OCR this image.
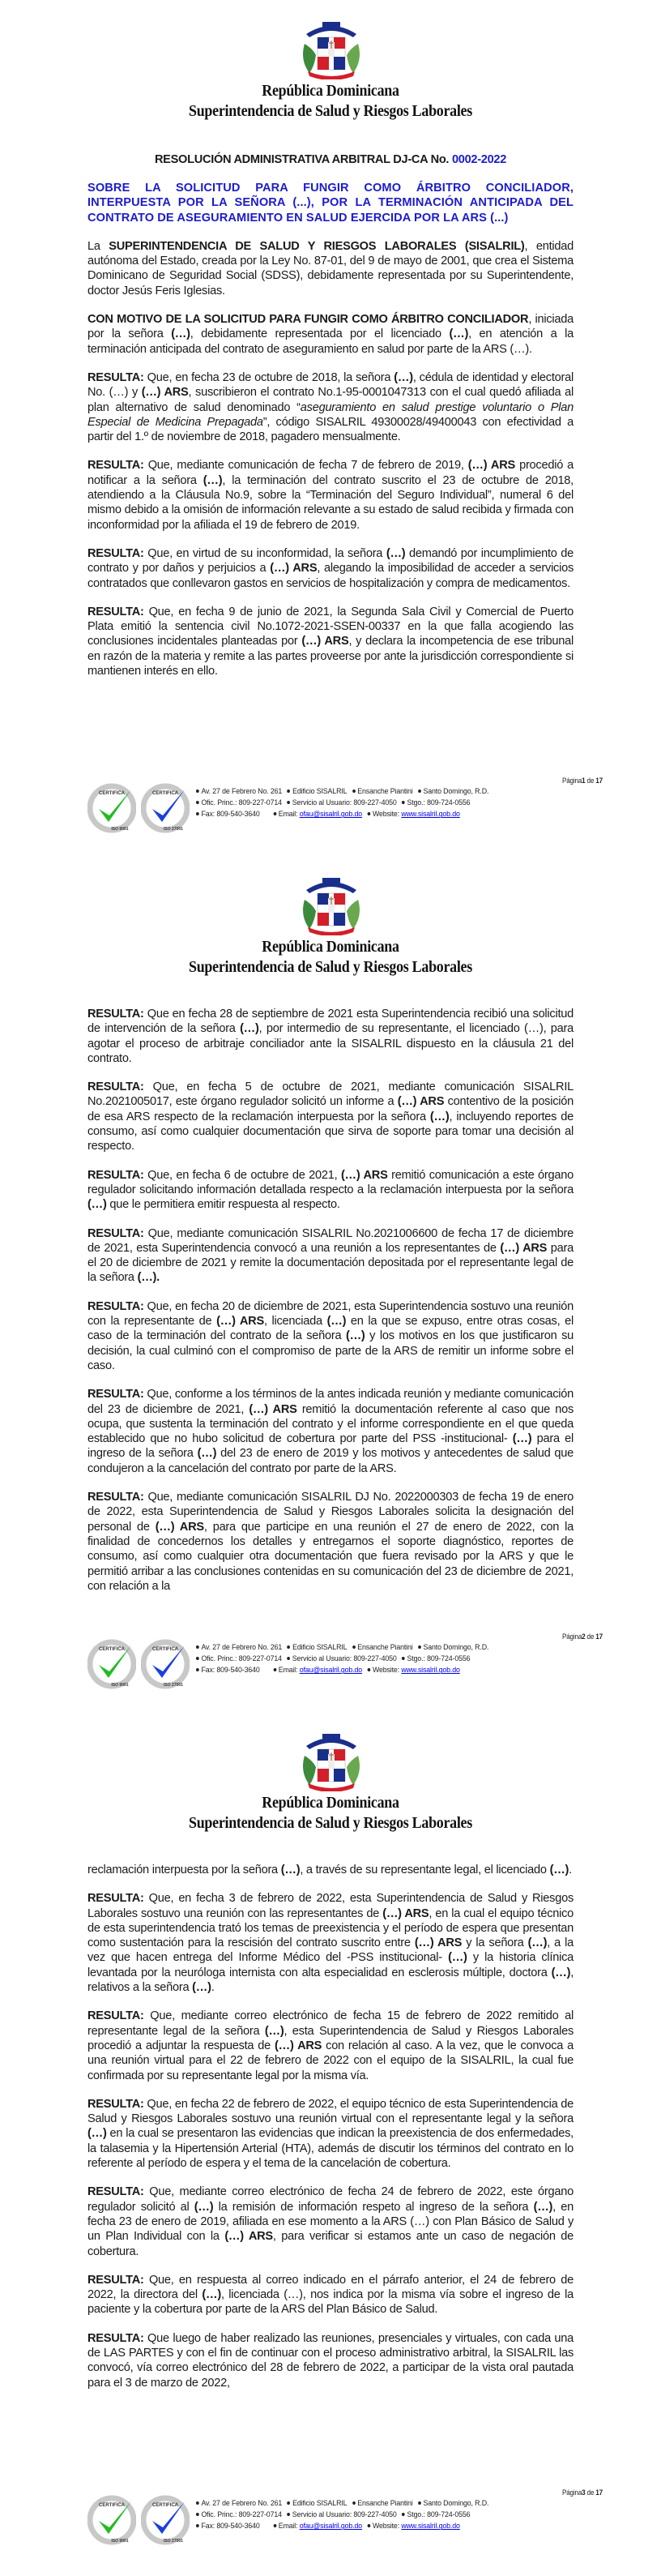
República Dominicana
Superintendencia de Salud y Riesgos Laborales

RESOLUCIÓN ADMINISTRATIVA ARBITRAL DJ-CA No. 0002-2022

SOBRE LA SOLICITUD PARA FUNGIR COMO ÁRBITRO CONCILIADOR, INTERPUESTA POR LA SEÑORA (...), POR LA TERMINACIÓN ANTICIPADA DEL CONTRATO DE ASEGURAMIENTO EN SALUD EJERCIDA POR LA ARS (...)

La SUPERINTENDENCIA DE SALUD Y RIESGOS LABORALES (SISALRIL), entidad autónoma del Estado, creada por la Ley No. 87-01, del 9 de mayo de 2001, que crea el Sistema Dominicano de Seguridad Social (SDSS), debidamente representada por su Superintendente, doctor Jesús Feris Iglesias.

CON MOTIVO DE LA SOLICITUD PARA FUNGIR COMO ÁRBITRO CONCILIADOR, iniciada por la señora (…), debidamente representada por el licenciado (…), en atención a la terminación anticipada del contrato de aseguramiento en salud por parte de la ARS (…).

RESULTA: Que, en fecha 23 de octubre de 2018, la señora (…), cédula de identidad y electoral No. (…) y (…) ARS, suscribieron el contrato No.1-95-0001047313 con el cual quedó afiliada al plan alternativo de salud denominado “aseguramiento en salud prestige voluntario o Plan Especial de Medicina Prepagada”, código SISALRIL 49300028/49400043 con efectividad a partir del 1.º de noviembre de 2018, pagadero mensualmente.

RESULTA: Que, mediante comunicación de fecha 7 de febrero de 2019, (…) ARS procedió a notificar a la señora (…), la terminación del contrato suscrito el 23 de octubre de 2018, atendiendo a la Cláusula No.9, sobre la “Terminación del Seguro Individual”, numeral 6 del mismo debido a la omisión de información relevante a su estado de salud recibida y firmada con inconformidad por la afiliada el 19 de febrero de 2019.

RESULTA: Que, en virtud de su inconformidad, la señora (…) demandó por incumplimiento de contrato y por daños y perjuicios a (…) ARS, alegando la imposibilidad de acceder a servicios contratados que conllevaron gastos en servicios de hospitalización y compra de medicamentos.

RESULTA: Que, en fecha 9 de junio de 2021, la Segunda Sala Civil y Comercial de Puerto Plata emitió la sentencia civil No.1072-2021-SSEN-00337 en la que falla acogiendo las conclusiones incidentales planteadas por (…) ARS, y declara la incompetencia de ese tribunal en razón de la materia y remite a las partes proveerse por ante la jurisdicción correspondiente si mantienen interés en ello.

Página1 de 17
CERTIFICA
ISO 9001
CERTIFICA
ISO 27001
Av. 27 de Febrero No. 261 Edificio SISALRIL Ensanche Piantini Santo Domingo, R.D.
Ofic. Princ.: 809-227-0714 Servicio al Usuario: 809-227-4050 Stgo.: 809-724-0556
Fax: 809-540-3640 Email: ofau@sisalril.gob.do Website: www.sisalril.gob.do
República Dominicana
Superintendencia de Salud y Riesgos Laborales

RESULTA: Que en fecha 28 de septiembre de 2021 esta Superintendencia recibió una solicitud de intervención de la señora (…), por intermedio de su representante, el licenciado (…), para agotar el proceso de arbitraje conciliador ante la SISALRIL dispuesto en la cláusula 21 del contrato.

RESULTA: Que, en fecha 5 de octubre de 2021, mediante comunicación SISALRIL No.2021005017, este órgano regulador solicitó un informe a (…) ARS contentivo de la posición de esa ARS respecto de la reclamación interpuesta por la señora (…), incluyendo reportes de consumo, así como cualquier documentación que sirva de soporte para tomar una decisión al respecto.

RESULTA: Que, en fecha 6 de octubre de 2021, (…) ARS remitió comunicación a este órgano regulador solicitando información detallada respecto a la reclamación interpuesta por la señora (…) que le permitiera emitir respuesta al respecto.

RESULTA: Que, mediante comunicación SISALRIL No.2021006600 de fecha 17 de diciembre de 2021, esta Superintendencia convocó a una reunión a los representantes de (…) ARS para el 20 de diciembre de 2021 y remite la documentación depositada por el representante legal de la señora (…).

RESULTA: Que, en fecha 20 de diciembre de 2021, esta Superintendencia sostuvo una reunión con la representante de (…) ARS, licenciada (…) en la que se expuso, entre otras cosas, el caso de la terminación del contrato de la señora (…) y los motivos en los que justificaron su decisión, la cual culminó con el compromiso de parte de la ARS de remitir un informe sobre el caso.

RESULTA: Que, conforme a los términos de la antes indicada reunión y mediante comunicación del 23 de diciembre de 2021, (…) ARS remitió la documentación referente al caso que nos ocupa, que sustenta la terminación del contrato y el informe correspondiente en el que queda establecido que no hubo solicitud de cobertura por parte del PSS -institucional- (…) para el ingreso de la señora (…) del 23 de enero de 2019 y los motivos y antecedentes de salud que condujeron a la cancelación del contrato por parte de la ARS.

RESULTA: Que, mediante comunicación SISALRIL DJ No. 2022000303 de fecha 19 de enero de 2022, esta Superintendencia de Salud y Riesgos Laborales solicita la designación del personal de (…) ARS, para que participe en una reunión el 27 de enero de 2022, con la finalidad de concedernos los detalles y entregarnos el soporte diagnóstico, reportes de consumo, así como cualquier otra documentación que fuera revisado por la ARS y que le permitió arribar a las conclusiones contenidas en su comunicación del 23 de diciembre de 2021, con relación a la

Página2 de 17
CERTIFICA
ISO 9001
CERTIFICA
ISO 27001
Av. 27 de Febrero No. 261 Edificio SISALRIL Ensanche Piantini Santo Domingo, R.D.
Ofic. Princ.: 809-227-0714 Servicio al Usuario: 809-227-4050 Stgo.: 809-724-0556
Fax: 809-540-3640 Email: ofau@sisalril.gob.do Website: www.sisalril.gob.do
República Dominicana
Superintendencia de Salud y Riesgos Laborales

reclamación interpuesta por la señora (…), a través de su representante legal, el licenciado (…).

RESULTA: Que, en fecha 3 de febrero de 2022, esta Superintendencia de Salud y Riesgos Laborales sostuvo una reunión con las representantes de (…) ARS, en la cual el equipo técnico de esta superintendencia trató los temas de preexistencia y el período de espera que presentan como sustentación para la rescisión del contrato suscrito entre (…) ARS y la señora (…), a la vez que hacen entrega del Informe Médico del -PSS institucional- (…) y la historia clínica levantada por la neuróloga internista con alta especialidad en esclerosis múltiple, doctora (…), relativos a la señora (…).

RESULTA: Que, mediante correo electrónico de fecha 15 de febrero de 2022 remitido al representante legal de la señora (…), esta Superintendencia de Salud y Riesgos Laborales procedió a adjuntar la respuesta de (…) ARS con relación al caso. A la vez, que le convoca a una reunión virtual para el 22 de febrero de 2022 con el equipo de la SISALRIL, la cual fue confirmada por su representante legal por la misma vía.

RESULTA: Que, en fecha 22 de febrero de 2022, el equipo técnico de esta Superintendencia de Salud y Riesgos Laborales sostuvo una reunión virtual con el representante legal y la señora (…) en la cual se presentaron las evidencias que indican la preexistencia de dos enfermedades, la talasemia y la Hipertensión Arterial (HTA), además de discutir los términos del contrato en lo referente al período de espera y el tema de la cancelación de cobertura.

RESULTA: Que, mediante correo electrónico de fecha 24 de febrero de 2022, este órgano regulador solicitó al (…) la remisión de información respeto al ingreso de la señora (…), en fecha 23 de enero de 2019, afiliada en ese momento a la ARS (…) con Plan Básico de Salud y un Plan Individual con la (…) ARS, para verificar si estamos ante un caso de negación de cobertura.

RESULTA: Que, en respuesta al correo indicado en el párrafo anterior, el 24 de febrero de 2022, la directora del (…), licenciada (…), nos indica por la misma vía sobre el ingreso de la paciente y la cobertura por parte de la ARS del Plan Básico de Salud.

RESULTA: Que luego de haber realizado las reuniones, presenciales y virtuales, con cada una de LAS PARTES y con el fin de continuar con el proceso administrativo arbitral, la SISALRIL las convocó, vía correo electrónico del 28 de febrero de 2022, a participar de la vista oral pautada para el 3 de marzo de 2022,

Página3 de 17
CERTIFICA
ISO 9001
CERTIFICA
ISO 27001
Av. 27 de Febrero No. 261 Edificio SISALRIL Ensanche Piantini Santo Domingo, R.D.
Ofic. Princ.: 809-227-0714 Servicio al Usuario: 809-227-4050 Stgo.: 809-724-0556
Fax: 809-540-3640 Email: ofau@sisalril.gob.do Website: www.sisalril.gob.do
